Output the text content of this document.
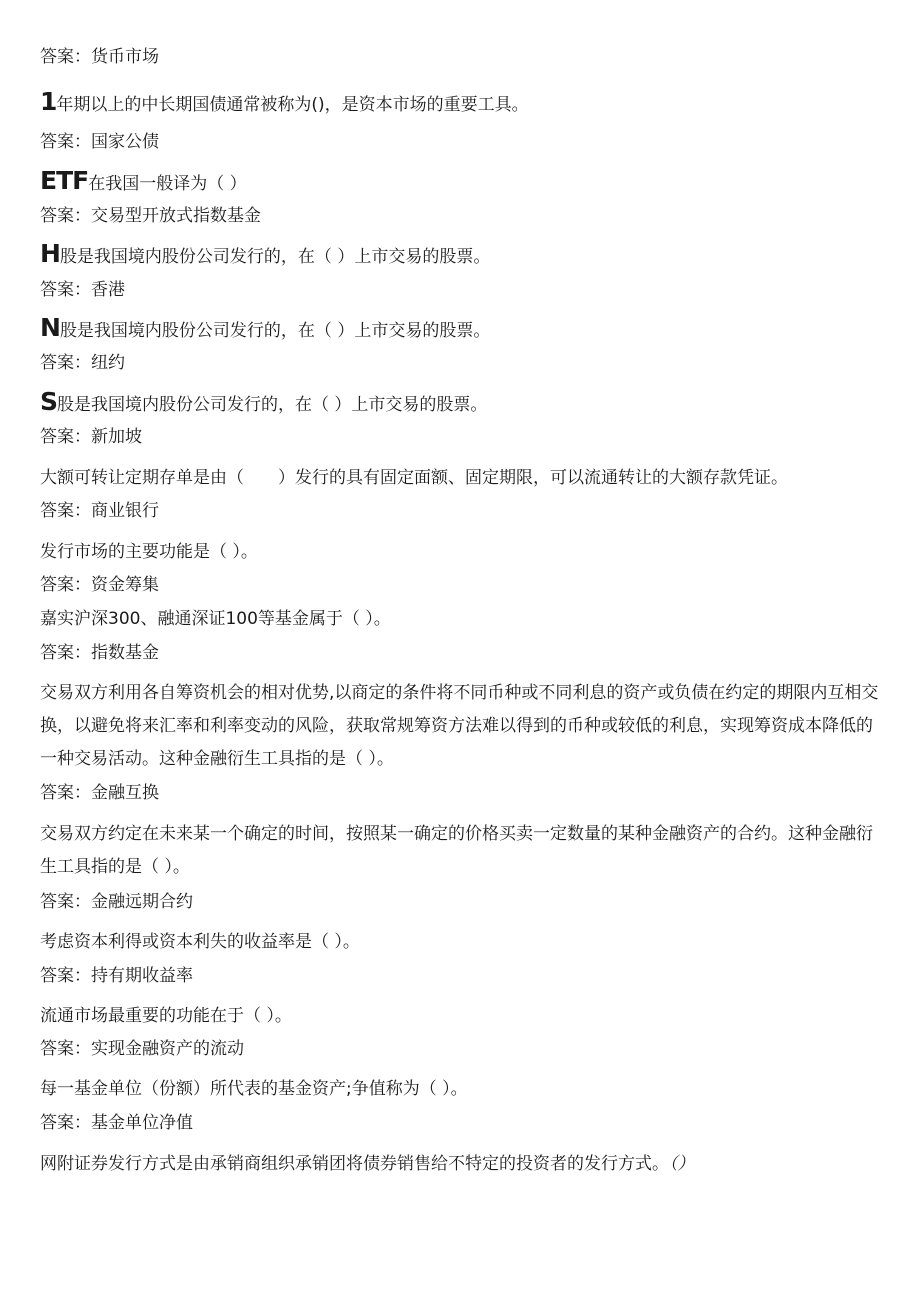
答案：货币市场
1年期以上的中长期国债通常被称为()，是资本市场的重要工具。
答案：国家公债
ETF在我国一般译为（ ）
答案：交易型开放式指数基金
H股是我国境内股份公司发行的，在（ ）上市交易的股票。
答案：香港
N股是我国境内股份公司发行的，在（ ）上市交易的股票。
答案：纽约
S股是我国境内股份公司发行的，在（ ）上市交易的股票。
答案：新加坡
大额可转让定期存单是由（　　）发行的具有固定面额、固定期限，可以流通转让的大额存款凭证。
答案：商业银行
发行市场的主要功能是（ ）。
答案：资金筹集
嘉实沪深300、融通深证100等基金属于（ ）。
答案：指数基金
交易双方利用各自筹资机会的相对优势,以商定的条件将不同币种或不同利息的资产或负债在约定的期限内互相交换，以避免将来汇率和利率变动的风险，获取常规筹资方法难以得到的币种或较低的利息，实现筹资成本降低的一种交易活动。这种金融衍生工具指的是（ ）。
答案：金融互换
交易双方约定在未来某一个确定的时间，按照某一确定的价格买卖一定数量的某种金融资产的合约。这种金融衍生工具指的是（ ）。
答案：金融远期合约
考虑资本利得或资本利失的收益率是（ ）。
答案：持有期收益率
流通市场最重要的功能在于（ ）。
答案：实现金融资产的流动
每一基金单位（份额）所代表的基金资产;争值称为（ ）。
答案：基金单位净值
网附证券发行方式是由承销商组织承销团将债券销售给不特定的投资者的发行方式。（）
